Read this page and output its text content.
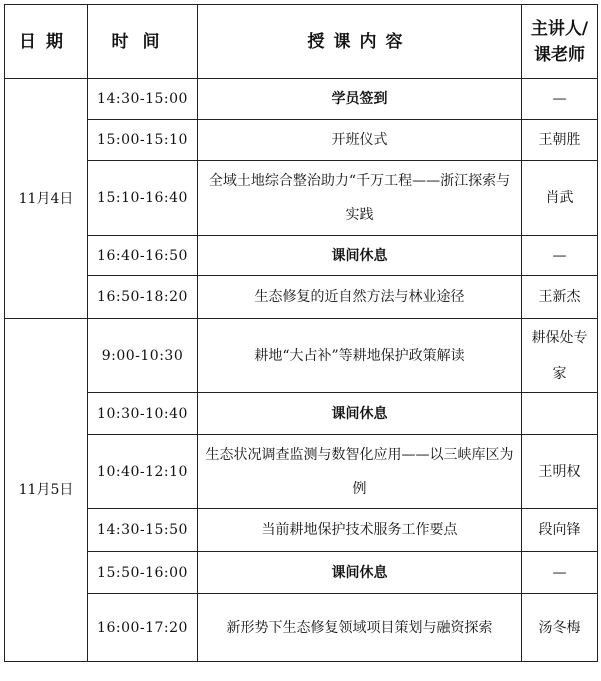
日期	时间	授课内容	主讲人/
课老师

11月4日	14:30-15:00	学员签到	—
	15:00-15:10	开班仪式	王朝胜
	15:10-16:40	全域土地综合整治助力“千万工程——浙江探索与实践	肖武
	16:40-16:50	课间休息	—
	16:50-18:20	生态修复的近自然方法与林业途径	王新杰
11月5日	9:00-10:30	耕地“大占补”等耕地保护政策解读	耕保处专家
	10:30-10:40	课间休息	
	10:40-12:10	生态状况调查监测与数智化应用——以三峡库区为例	王明权
	14:30-15:50	当前耕地保护技术服务工作要点	段向锋
	15:50-16:00	课间休息	—
	16:00-17:20	新形势下生态修复领域项目策划与融资探索	汤冬梅
